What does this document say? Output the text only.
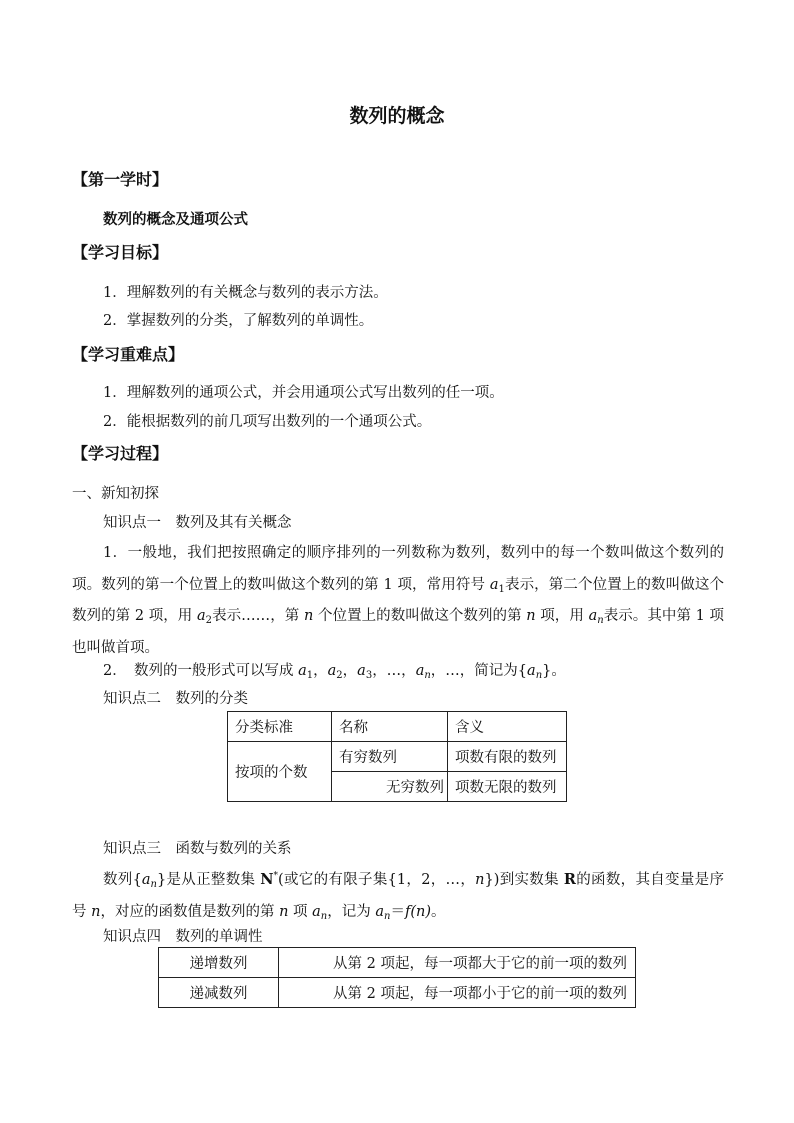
数列的概念
【第一学时】
数列的概念及通项公式
【学习目标】
1．理解数列的有关概念与数列的表示方法。
2．掌握数列的分类，了解数列的单调性。
【学习重难点】
1．理解数列的通项公式，并会用通项公式写出数列的任一项。
2．能根据数列的前几项写出数列的一个通项公式。
【学习过程】
一、新知初探
知识点一　数列及其有关概念
1．一般地，我们把按照确定的顺序排列的一列数称为数列，数列中的每一个数叫做这个数列的项。数列的第一个位置上的数叫做这个数列的第 1 项，常用符号 $a_1$表示，第二个位置上的数叫做这个数列的第 2 项，用 $a_2$表示……，第 n 个位置上的数叫做这个数列的第 n 项，用 $a_n$表示。其中第 1 项也叫做首项。
2．　数列的一般形式可以写成 $a_1$，$a_2$，$a_3$，…，$a_n$，…，简记为$\{a_n\}$。
知识点二　数列的分类
分类标准	名称	含义
按项的个数	有穷数列	项数有限的数列
	无穷数列	项数无限的数列
知识点三　函数与数列的关系
数列$\{a_n\}$是从正整数集 N*(或它的有限子集{1，2，…，n})到实数集 R的函数，其自变量是序号 n，对应的函数值是数列的第 n 项 $a_n$，记为 $a_n=f(n)$。
知识点四　数列的单调性
递增数列	从第 2 项起，每一项都大于它的前一项的数列
递减数列	从第 2 项起，每一项都小于它的前一项的数列
